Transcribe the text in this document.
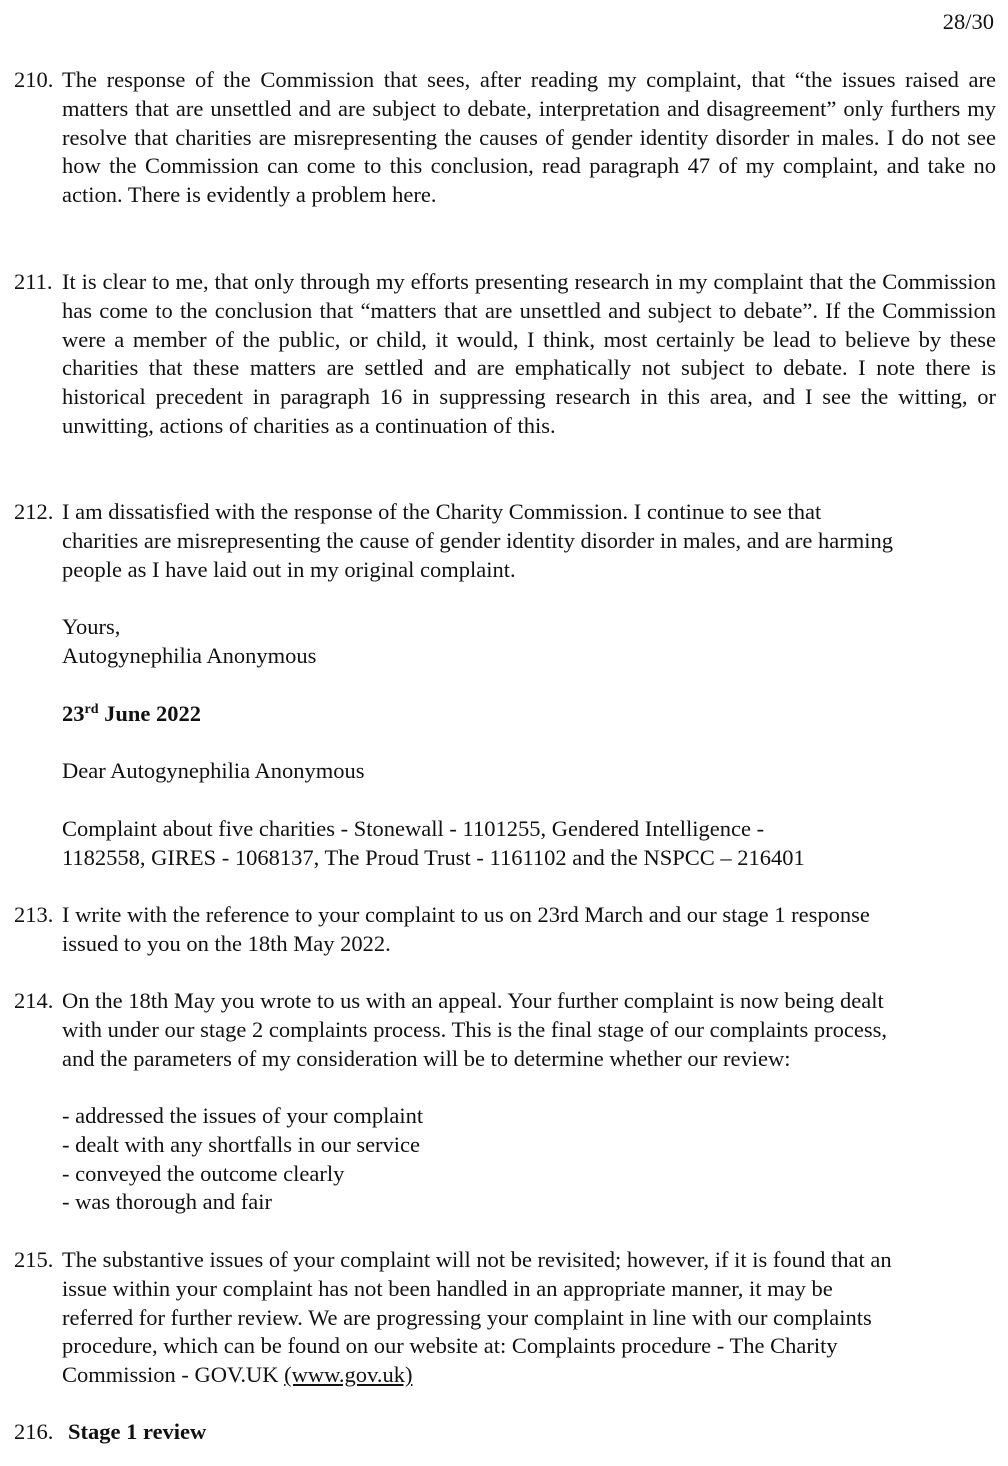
28/30
210. The response of the Commission that sees, after reading my complaint, that “the issues raised are matters that are unsettled and are subject to debate, interpretation and disagreement” only furthers my resolve that charities are misrepresenting the causes of gender identity disorder in males. I do not see how the Commission can come to this conclusion, read paragraph 47 of my complaint, and take no action. There is evidently a problem here.

211. It is clear to me, that only through my efforts presenting research in my complaint that the Commission has come to the conclusion that “matters that are unsettled and subject to debate”. If the Commission were a member of the public, or child, it would, I think, most certainly be lead to believe by these charities that these matters are settled and are emphatically not subject to debate. I note there is historical precedent in paragraph 16 in suppressing research in this area, and I see the witting, or unwitting, actions of charities as a continuation of this.

212. I am dissatisfied with the response of the Charity Commission. I continue to see that

charities are misrepresenting the cause of gender identity disorder in males, and are harming

people as I have laid out in my original complaint.

Yours,

Autogynephilia Anonymous

23rd June 2022
Dear Autogynephilia Anonymous

Complaint about five charities - Stonewall - 1101255, Gendered Intelligence -

1182558, GIRES - 1068137, The Proud Trust - 1161102 and the NSPCC – 216401

213. I write with the reference to your complaint to us on 23rd March and our stage 1 response

issued to you on the 18th May 2022.

214. On the 18th May you wrote to us with an appeal. Your further complaint is now being dealt

with under our stage 2 complaints process. This is the final stage of our complaints process,

and the parameters of my consideration will be to determine whether our review:

- addressed the issues of your complaint

- dealt with any shortfalls in our service

- conveyed the outcome clearly

- was thorough and fair

215. The substantive issues of your complaint will not be revisited; however, if it is found that an

issue within your complaint has not been handled in an appropriate manner, it may be

referred for further review. We are progressing your complaint in line with our complaints

procedure, which can be found on our website at: Complaints procedure - The Charity

Commission - GOV.UK (www.gov.uk)

216. Stage 1 review
